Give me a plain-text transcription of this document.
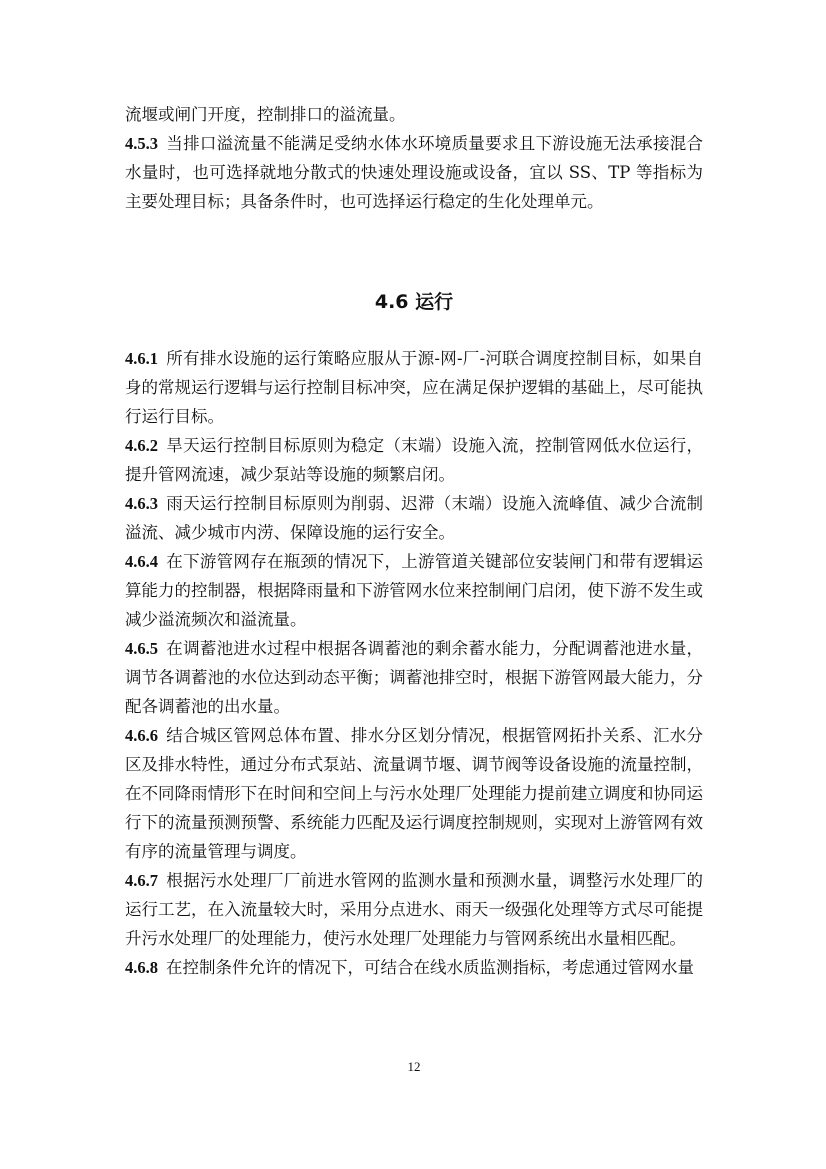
流堰或闸门开度，控制排口的溢流量。

4.5.3 当排口溢流量不能满足受纳水体水环境质量要求且下游设施无法承接混合水量时，也可选择就地分散式的快速处理设施或设备，宜以 SS、TP 等指标为主要处理目标；具备条件时，也可选择运行稳定的生化处理单元。

4.6 运行

4.6.1 所有排水设施的运行策略应服从于源-网-厂-河联合调度控制目标，如果自身的常规运行逻辑与运行控制目标冲突，应在满足保护逻辑的基础上，尽可能执行运行目标。

4.6.2 旱天运行控制目标原则为稳定（末端）设施入流，控制管网低水位运行，提升管网流速，减少泵站等设施的频繁启闭。

4.6.3 雨天运行控制目标原则为削弱、迟滞（末端）设施入流峰值、减少合流制溢流、减少城市内涝、保障设施的运行安全。

4.6.4 在下游管网存在瓶颈的情况下，上游管道关键部位安装闸门和带有逻辑运算能力的控制器，根据降雨量和下游管网水位来控制闸门启闭，使下游不发生或减少溢流频次和溢流量。

4.6.5 在调蓄池进水过程中根据各调蓄池的剩余蓄水能力，分配调蓄池进水量，调节各调蓄池的水位达到动态平衡；调蓄池排空时，根据下游管网最大能力，分配各调蓄池的出水量。

4.6.6 结合城区管网总体布置、排水分区划分情况，根据管网拓扑关系、汇水分区及排水特性，通过分布式泵站、流量调节堰、调节阀等设备设施的流量控制，在不同降雨情形下在时间和空间上与污水处理厂处理能力提前建立调度和协同运行下的流量预测预警、系统能力匹配及运行调度控制规则，实现对上游管网有效有序的流量管理与调度。

4.6.7 根据污水处理厂厂前进水管网的监测水量和预测水量，调整污水处理厂的运行工艺，在入流量较大时，采用分点进水、雨天一级强化处理等方式尽可能提升污水处理厂的处理能力，使污水处理厂处理能力与管网系统出水量相匹配。

4.6.8 在控制条件允许的情况下，可结合在线水质监测指标，考虑通过管网水量

12
